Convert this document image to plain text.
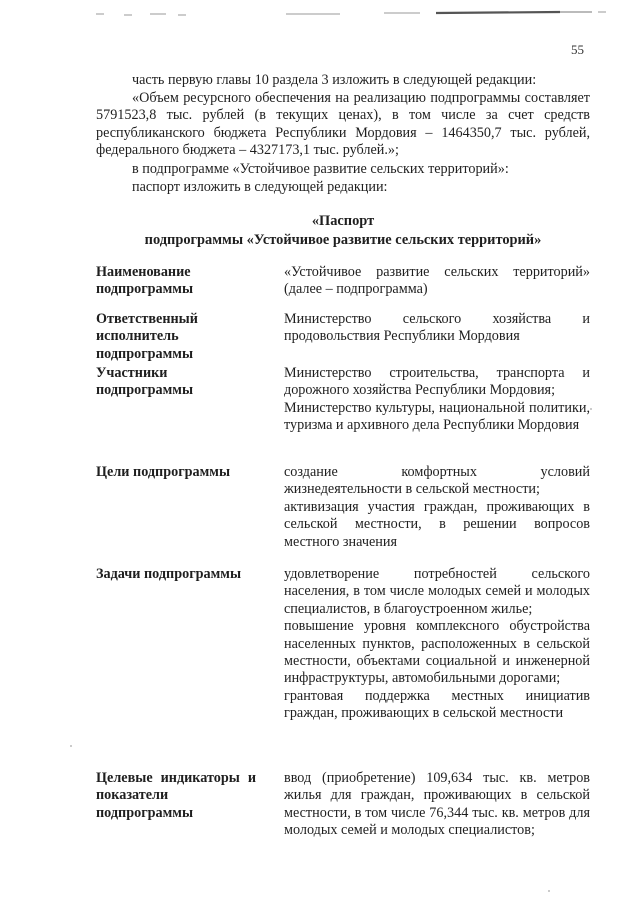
55

часть первую главы 10 раздела 3 изложить в следующей редакции:

«Объем ресурсного обеспечения на реализацию подпрограммы составляет 5791523,8 тыс. рублей (в текущих ценах), в том числе за счет средств республиканского бюджета Республики Мордовия – 1464350,7 тыс. рублей, федерального бюджета – 4327173,1 тыс. рублей.»;

в подпрограмме «Устойчивое развитие сельских территорий»:

паспорт изложить в следующей редакции:

«Паспорт
подпрограммы «Устойчивое развитие сельских территорий»

Наименование подпрограммы

«Устойчивое развитие сельских территорий» (далее – подпрограмма)

Ответственный исполнитель подпрограммы

Министерство сельского хозяйства и продовольствия Республики Мордовия

Участники подпрограммы

Министерство строительства, транспорта и дорожного хозяйства Республики Мордовия;

Министерство культуры, национальной политики, туризма и архивного дела Республики Мордовия

Цели подпрограммы	создание комфортных условий жизнедеятельности в сельской местности;

активизация участия граждан, проживающих в сельской местности, в решении вопросов местного значения

Задачи подпрограммы	удовлетворение потребностей сельского населения, в том числе молодых семей и молодых специалистов, в благоустроенном жилье;

повышение уровня комплексного обустройства населенных пунктов, расположенных в сельской местности, объектами социальной и инженерной инфраструктуры, автомобильными дорогами;

грантовая поддержка местных инициатив граждан, проживающих в сельской местности

Целевые индикаторы и показатели подпрограммы

ввод (приобретение) 109,634 тыс. кв. метров жилья для граждан, проживающих в сельской местности, в том числе 76,344 тыс. кв. метров для молодых семей и молодых специалистов;
